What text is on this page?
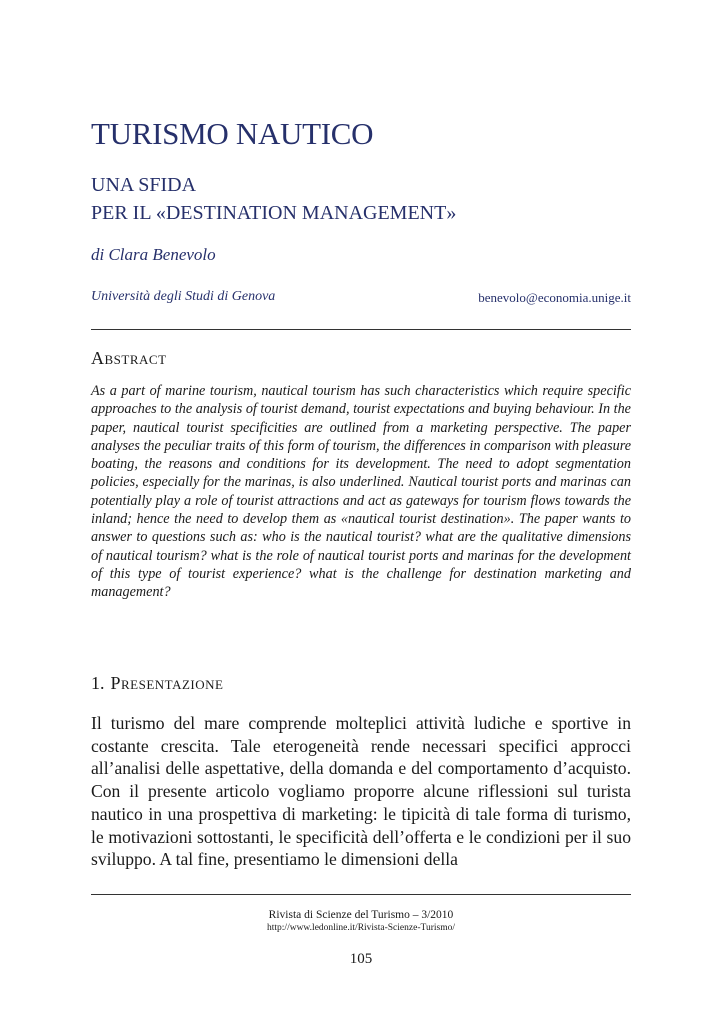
TURISMO NAUTICO
UNA SFIDA
PER IL «DESTINATION MANAGEMENT»
di Clara Benevolo
Università degli Studi di Genova	benevolo@economia.unige.it
Abstract

As a part of marine tourism, nautical tourism has such characteristics which require specific approaches to the analysis of tourist demand, tourist expectations and buying behaviour. In the paper, nautical tourist specificities are outlined from a marketing perspective. The paper analyses the peculiar traits of this form of tourism, the differences in comparison with pleasure boating, the reasons and conditions for its development. The need to adopt segmentation policies, especially for the marinas, is also underlined. Nautical tourist ports and marinas can potentially play a role of tourist attractions and act as gateways for tourism flows towards the inland; hence the need to develop them as «nautical tourist destination». The paper wants to answer to questions such as: who is the nautical tourist? what are the qualitative dimensions of nautical tourism? what is the role of nautical tourist ports and marinas for the development of this type of tourist experience? what is the challenge for destination marketing and management?

1. Presentazione

Il turismo del mare comprende molteplici attività ludiche e sportive in costante crescita. Tale eterogeneità rende necessari specifici approcci all’analisi delle aspettative, della domanda e del comportamento d’acquisto. Con il presente articolo vogliamo proporre alcune riflessioni sul turista nautico in una prospettiva di marketing: le tipicità di tale forma di turismo, le motivazioni sottostanti, le specificità dell’offerta e le condizioni per il suo sviluppo. A tal fine, presentiamo le dimensioni della

Rivista di Scienze del Turismo – 3/2010
http://www.ledonline.it/Rivista-Scienze-Turismo/
105
